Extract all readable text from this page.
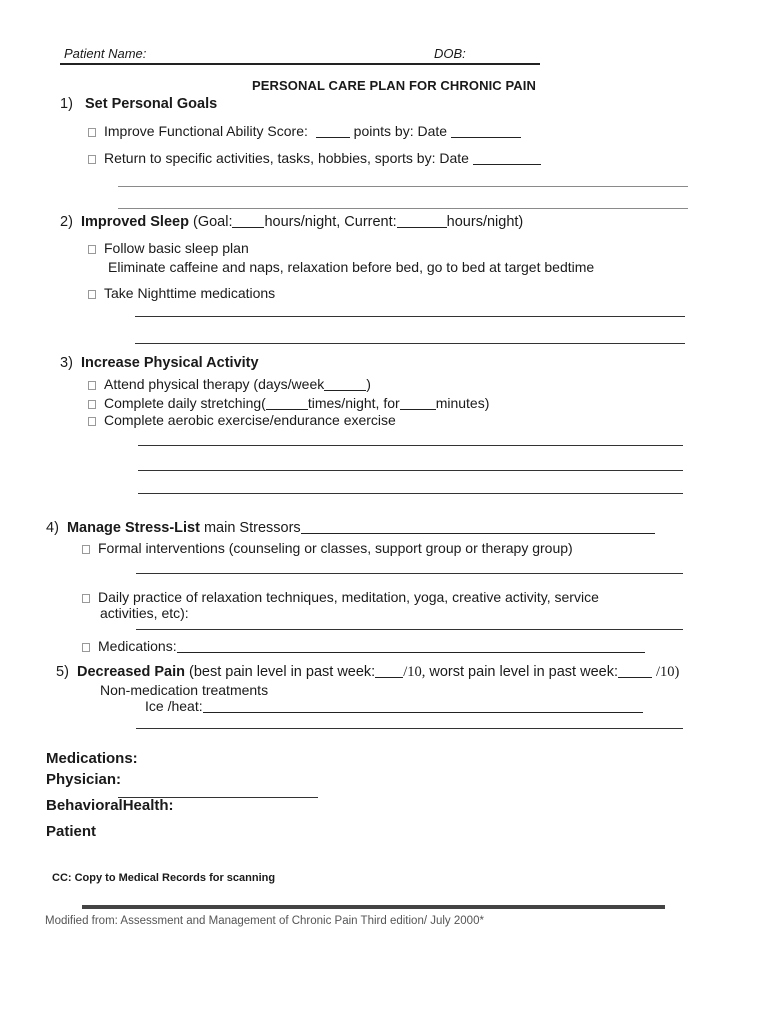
Patient Name:	DOB:
PERSONAL CARE PLAN FOR CHRONIC PAIN
1) Set Personal Goals
Improve Functional Ability Score:	points by: Date
Return to specific activities, tasks, hobbies, sports by: Date
2) Improved Sleep (Goal: hours/night, Current:	hours/night)
Follow basic sleep plan
Eliminate caffeine and naps, relaxation before bed, go to bed at target bedtime
Take Nighttime medications
3) Increase Physical Activity
Attend physical therapy (days/week	)
Complete daily stretching(	times/night, for	minutes)
Complete aerobic exercise/endurance exercise
4) Manage Stress-List main Stressors
Formal interventions (counseling or classes, support group or therapy group)
Daily practice of relaxation techniques, meditation, yoga, creative activity, service
activities, etc):
Medications:
5) Decreased Pain (best pain level in past week: /10, worst pain level in past week:	/10)
Non-medication treatments
Ice /heat:
Medications:
Physician:
BehavioralHealth:
Patient
CC: Copy to Medical Records for scanning
Modified from: Assessment and Management of Chronic Pain Third edition/ July 2000*
